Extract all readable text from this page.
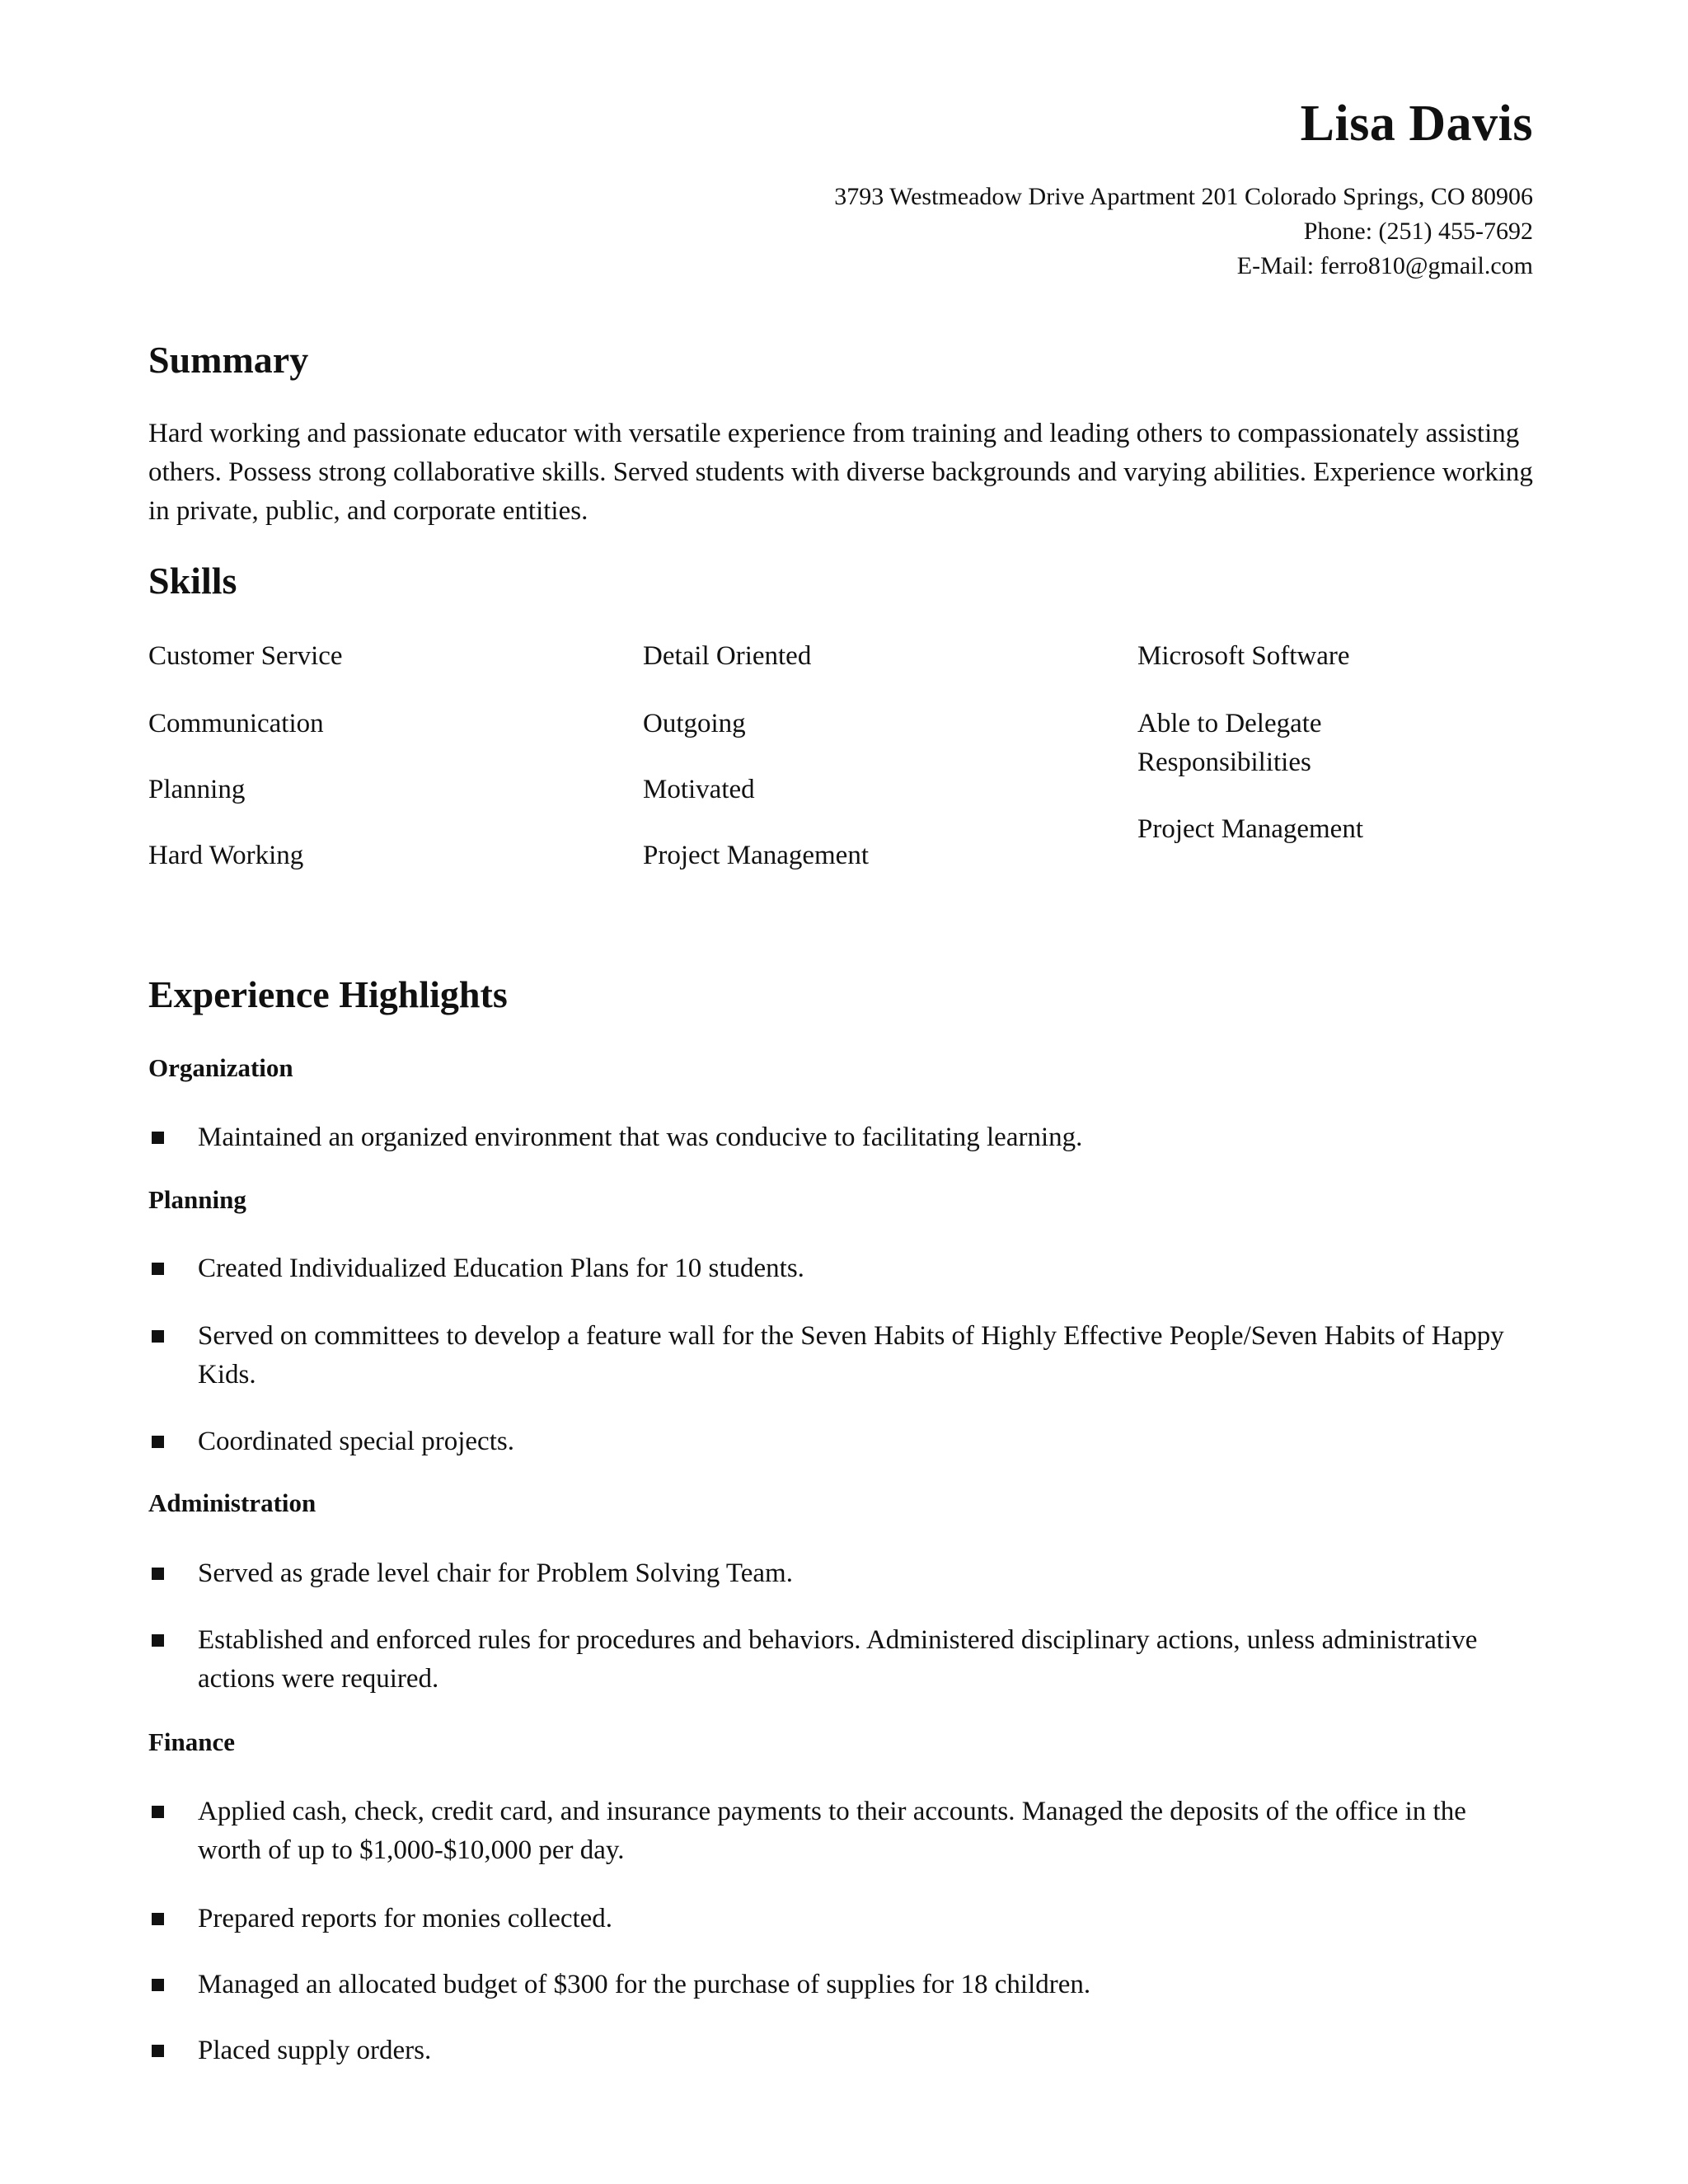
Lisa Davis
3793 Westmeadow Drive Apartment 201 Colorado Springs, CO 80906
Phone: (251) 455-7692
E-Mail: ferro810@gmail.com
Summary
Hard working and passionate educator with versatile experience from training and leading others to compassionately assisting others. Possess strong collaborative skills. Served students with diverse backgrounds and varying abilities. Experience working in private, public, and corporate entities.
Skills
Customer Service
Communication
Planning
Hard Working
Detail Oriented
Outgoing
Motivated
Project Management
Microsoft Software
Able to Delegate Responsibilities
Project Management
Experience Highlights
Organization
Maintained an organized environment that was conducive to facilitating learning.
Planning
Created Individualized Education Plans for 10 students.
Served on committees to develop a feature wall for the Seven Habits of Highly Effective People/Seven Habits of Happy Kids.
Coordinated special projects.
Administration
Served as grade level chair for Problem Solving Team.
Established and enforced rules for procedures and behaviors. Administered disciplinary actions, unless administrative actions were required.
Finance
Applied cash, check, credit card, and insurance payments to their accounts. Managed the deposits of the office in the worth of up to $1,000-$10,000 per day.
Prepared reports for monies collected.
Managed an allocated budget of $300 for the purchase of supplies for 18 children.
Placed supply orders.
